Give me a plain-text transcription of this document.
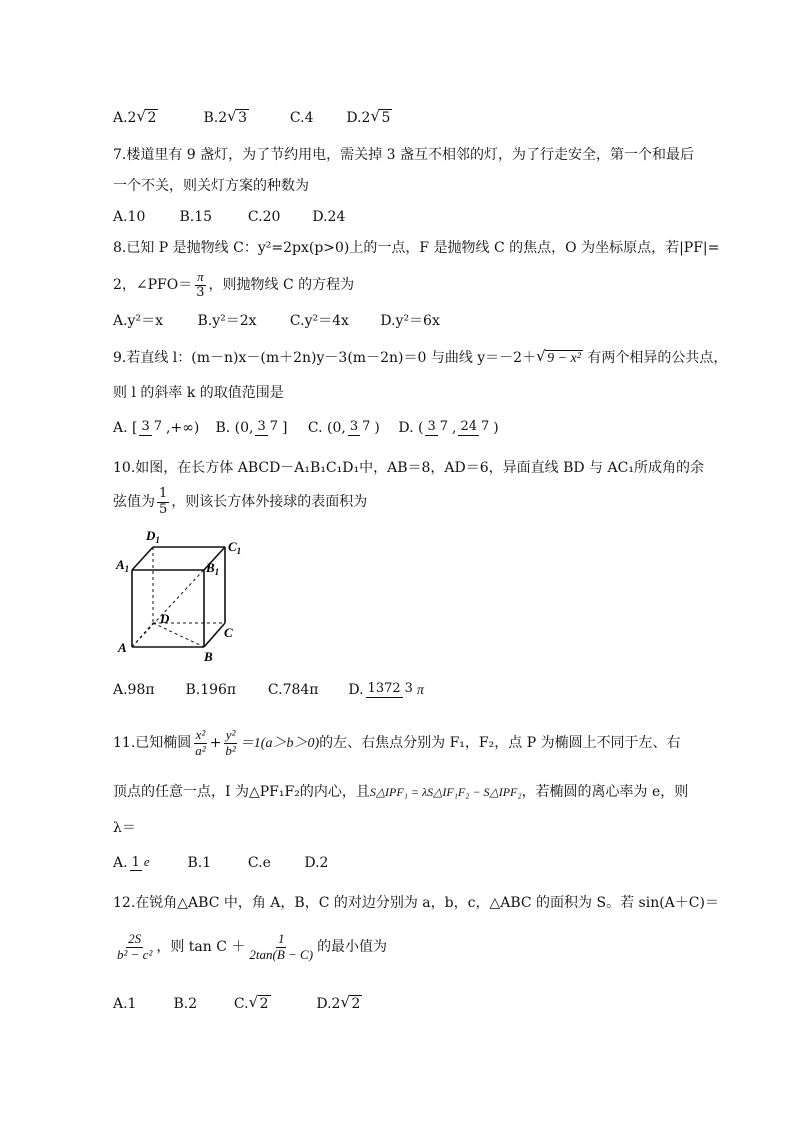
A.2 √ 2	B.2 √ 3	C.4 D.2 √ 5
7.楼道里有 9 盏灯，为了节约用电，需关掉 3 盏互不相邻的灯，为了行走安全，第一个和最后
一个不关，则关灯方案的种数为
A.10 B.15	C.20 D.24
8.已知 P 是抛物线 C：y²=2px(p>0)上的一点，F 是抛物线 C 的焦点，O 为坐标原点，若|PF|=
2，∠PFO＝ $\frac{\pi}{3}$ ，则抛物线 C 的方程为
A.y²＝x B.y²＝2x C.y²＝4x D.y²＝6x
9.若直线 l：(m－n)x－(m＋2n)y－3(m－2n)＝0 与曲线 y＝－2＋ √ 9 − x² 有两个相异的公共点，
则 l 的斜率 k 的取值范围是
A. [ 3 7 ,+∞) B. (0, 3 7 ] C. (0, 3 7 ) D. ( 3 7 , 24 7 )
10.如图，在长方体 ABCD－A₁B₁C₁D₁中，AB＝8，AD＝6，异面直线 BD 与 AC₁所成角的余
弦值为 $\frac{1}{5}$ ，则该长方体外接球的表面积为
$A_1$
$D_1$	$C_1$
$B_1$
D
C
A
B
A.98π B.196π C.784π D. 1372 3 π
11.已知椭圆 $\frac{\text{x²}}{\text{a²}} + \frac{\text{y²}}{\text{b²}} =1(a>b>0)$的左、右焦点分别为 F₁，F₂，点 P 为椭圆上不同于左、右
顶点的任意一点，I 为△PF₁F₂的内心，且S△IPF₁ = λS△IF₁F₂ − S△IPF₂，若椭圆的离心率为 e，则
λ＝
A. 1 e	B.1	C.e D.2
12.在锐角△ABC 中，角 A，B，C 的对边分别为 a，b，c，△ABC 的面积为 S。若 sin(A＋C)＝
$\frac{2S}{\text{b² − c²}}$ ，则 $\tan C + \frac{1}{2\tan(B - C)}$ 的最小值为
A.1	B.2	C. √ 2	D.2 √ 2
